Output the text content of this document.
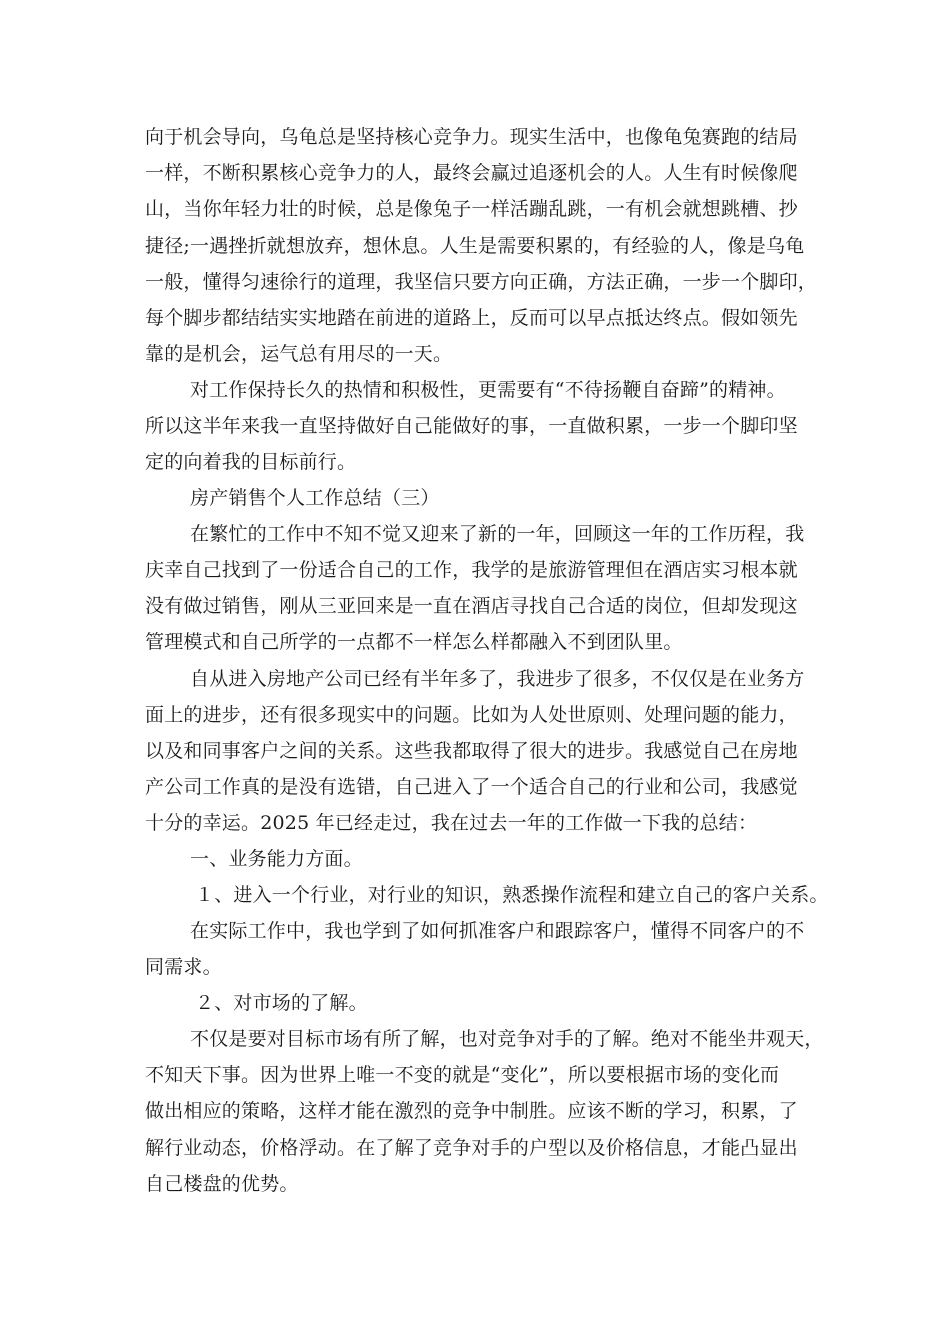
向于机会导向，乌龟总是坚持核心竞争力。现实生活中，也像龟兔赛跑的结局
一样，不断积累核心竞争力的人，最终会赢过追逐机会的人。人生有时候像爬
山，当你年轻力壮的时候，总是像兔子一样活蹦乱跳，一有机会就想跳槽、抄
捷径;一遇挫折就想放弃，想休息。人生是需要积累的，有经验的人，像是乌龟
一般，懂得匀速徐行的道理，我坚信只要方向正确，方法正确，一步一个脚印，
每个脚步都结结实实地踏在前进的道路上，反而可以早点抵达终点。假如领先
靠的是机会，运气总有用尽的一天。
对工作保持长久的热情和积极性，更需要有“不待扬鞭自奋蹄”的精神。
所以这半年来我一直坚持做好自己能做好的事，一直做积累，一步一个脚印坚
定的向着我的目标前行。
房产销售个人工作总结（三）
在繁忙的工作中不知不觉又迎来了新的一年，回顾这一年的工作历程，我
庆幸自己找到了一份适合自己的工作，我学的是旅游管理但在酒店实习根本就
没有做过销售，刚从三亚回来是一直在酒店寻找自己合适的岗位，但却发现这
管理模式和自己所学的一点都不一样怎么样都融入不到团队里。
自从进入房地产公司已经有半年多了，我进步了很多，不仅仅是在业务方
面上的进步，还有很多现实中的问题。比如为人处世原则、处理问题的能力，
以及和同事客户之间的关系。这些我都取得了很大的进步。我感觉自己在房地
产公司工作真的是没有选错，自己进入了一个适合自己的行业和公司，我感觉
十分的幸运。2025 年已经走过，我在过去一年的工作做一下我的总结：
一、业务能力方面。
１、进入一个行业，对行业的知识，熟悉操作流程和建立自己的客户关系。
在实际工作中，我也学到了如何抓准客户和跟踪客户，懂得不同客户的不
同需求。
２、对市场的了解。
不仅是要对目标市场有所了解，也对竞争对手的了解。绝对不能坐井观天，
不知天下事。因为世界上唯一不变的就是“变化”，所以要根据市场的变化而
做出相应的策略，这样才能在激烈的竞争中制胜。应该不断的学习，积累，了
解行业动态，价格浮动。在了解了竞争对手的户型以及价格信息，才能凸显出
自己楼盘的优势。
